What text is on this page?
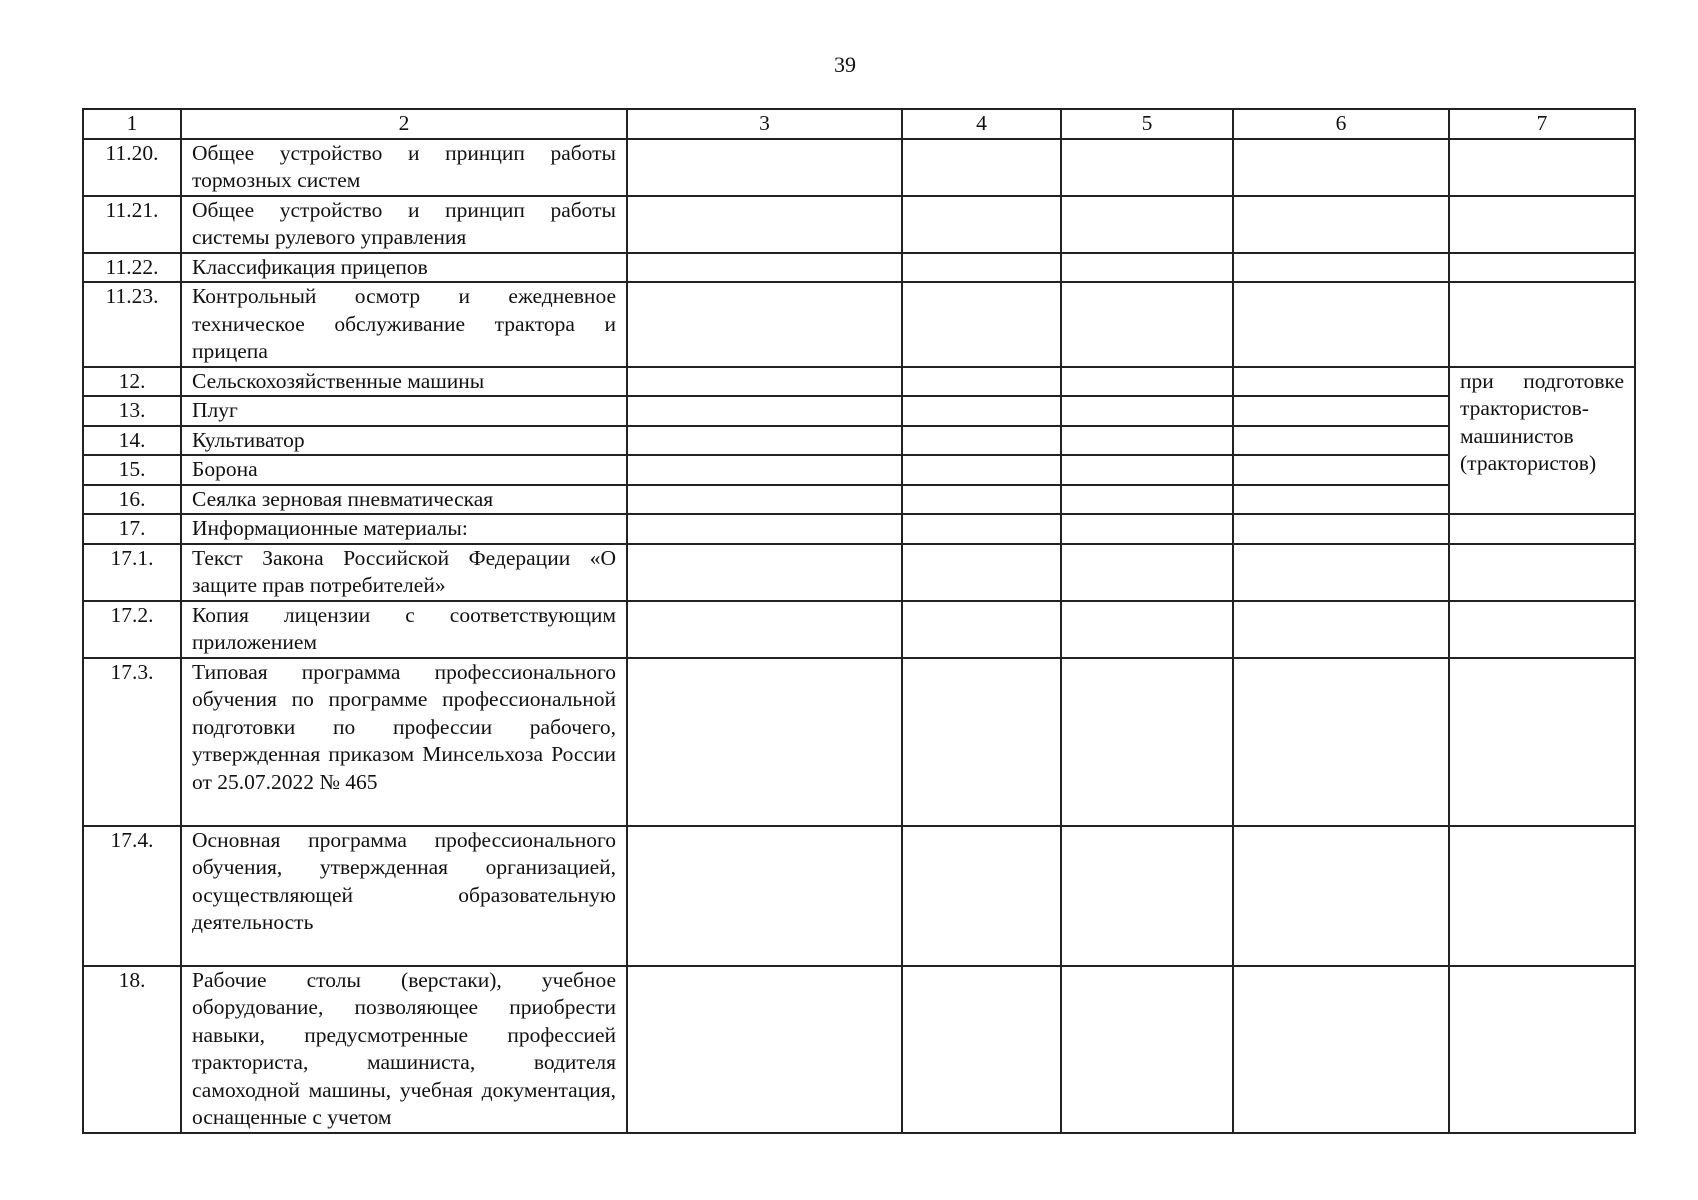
39
1	2	3	4	5	6	7
11.20.	Общее устройство и принцип работы тормозных систем					
11.21.	Общее устройство и принцип работы системы рулевого управления					
11.22.	Классификация прицепов					
11.23.	Контрольный осмотр и ежедневное техническое обслуживание трактора и прицепа					
12.	Сельскохозяйственные машины					при подготовке трактористов-машинистов (трактористов)
13.	Плуг					
14.	Культиватор					
15.	Борона					
16.	Сеялка зерновая пневматическая					
17.	Информационные материалы:					
17.1.	Текст Закона Российской Федерации «О защите прав потребителей»					
17.2.	Копия лицензии с соответствующим приложением					
17.3.	Типовая программа профессионального обучения по программе профессиональной подготовки по профессии рабочего, утвержденная приказом Минсельхоза России от 25.07.2022 № 465					
17.4.	Основная программа профессионального обучения, утвержденная организацией, осуществляющей образовательную деятельность					
18.	Рабочие столы (верстаки), учебное оборудование, позволяющее приобрести навыки, предусмотренные профессией тракториста, машиниста, водителя самоходной машины, учебная документация, оснащенные с учетом					
